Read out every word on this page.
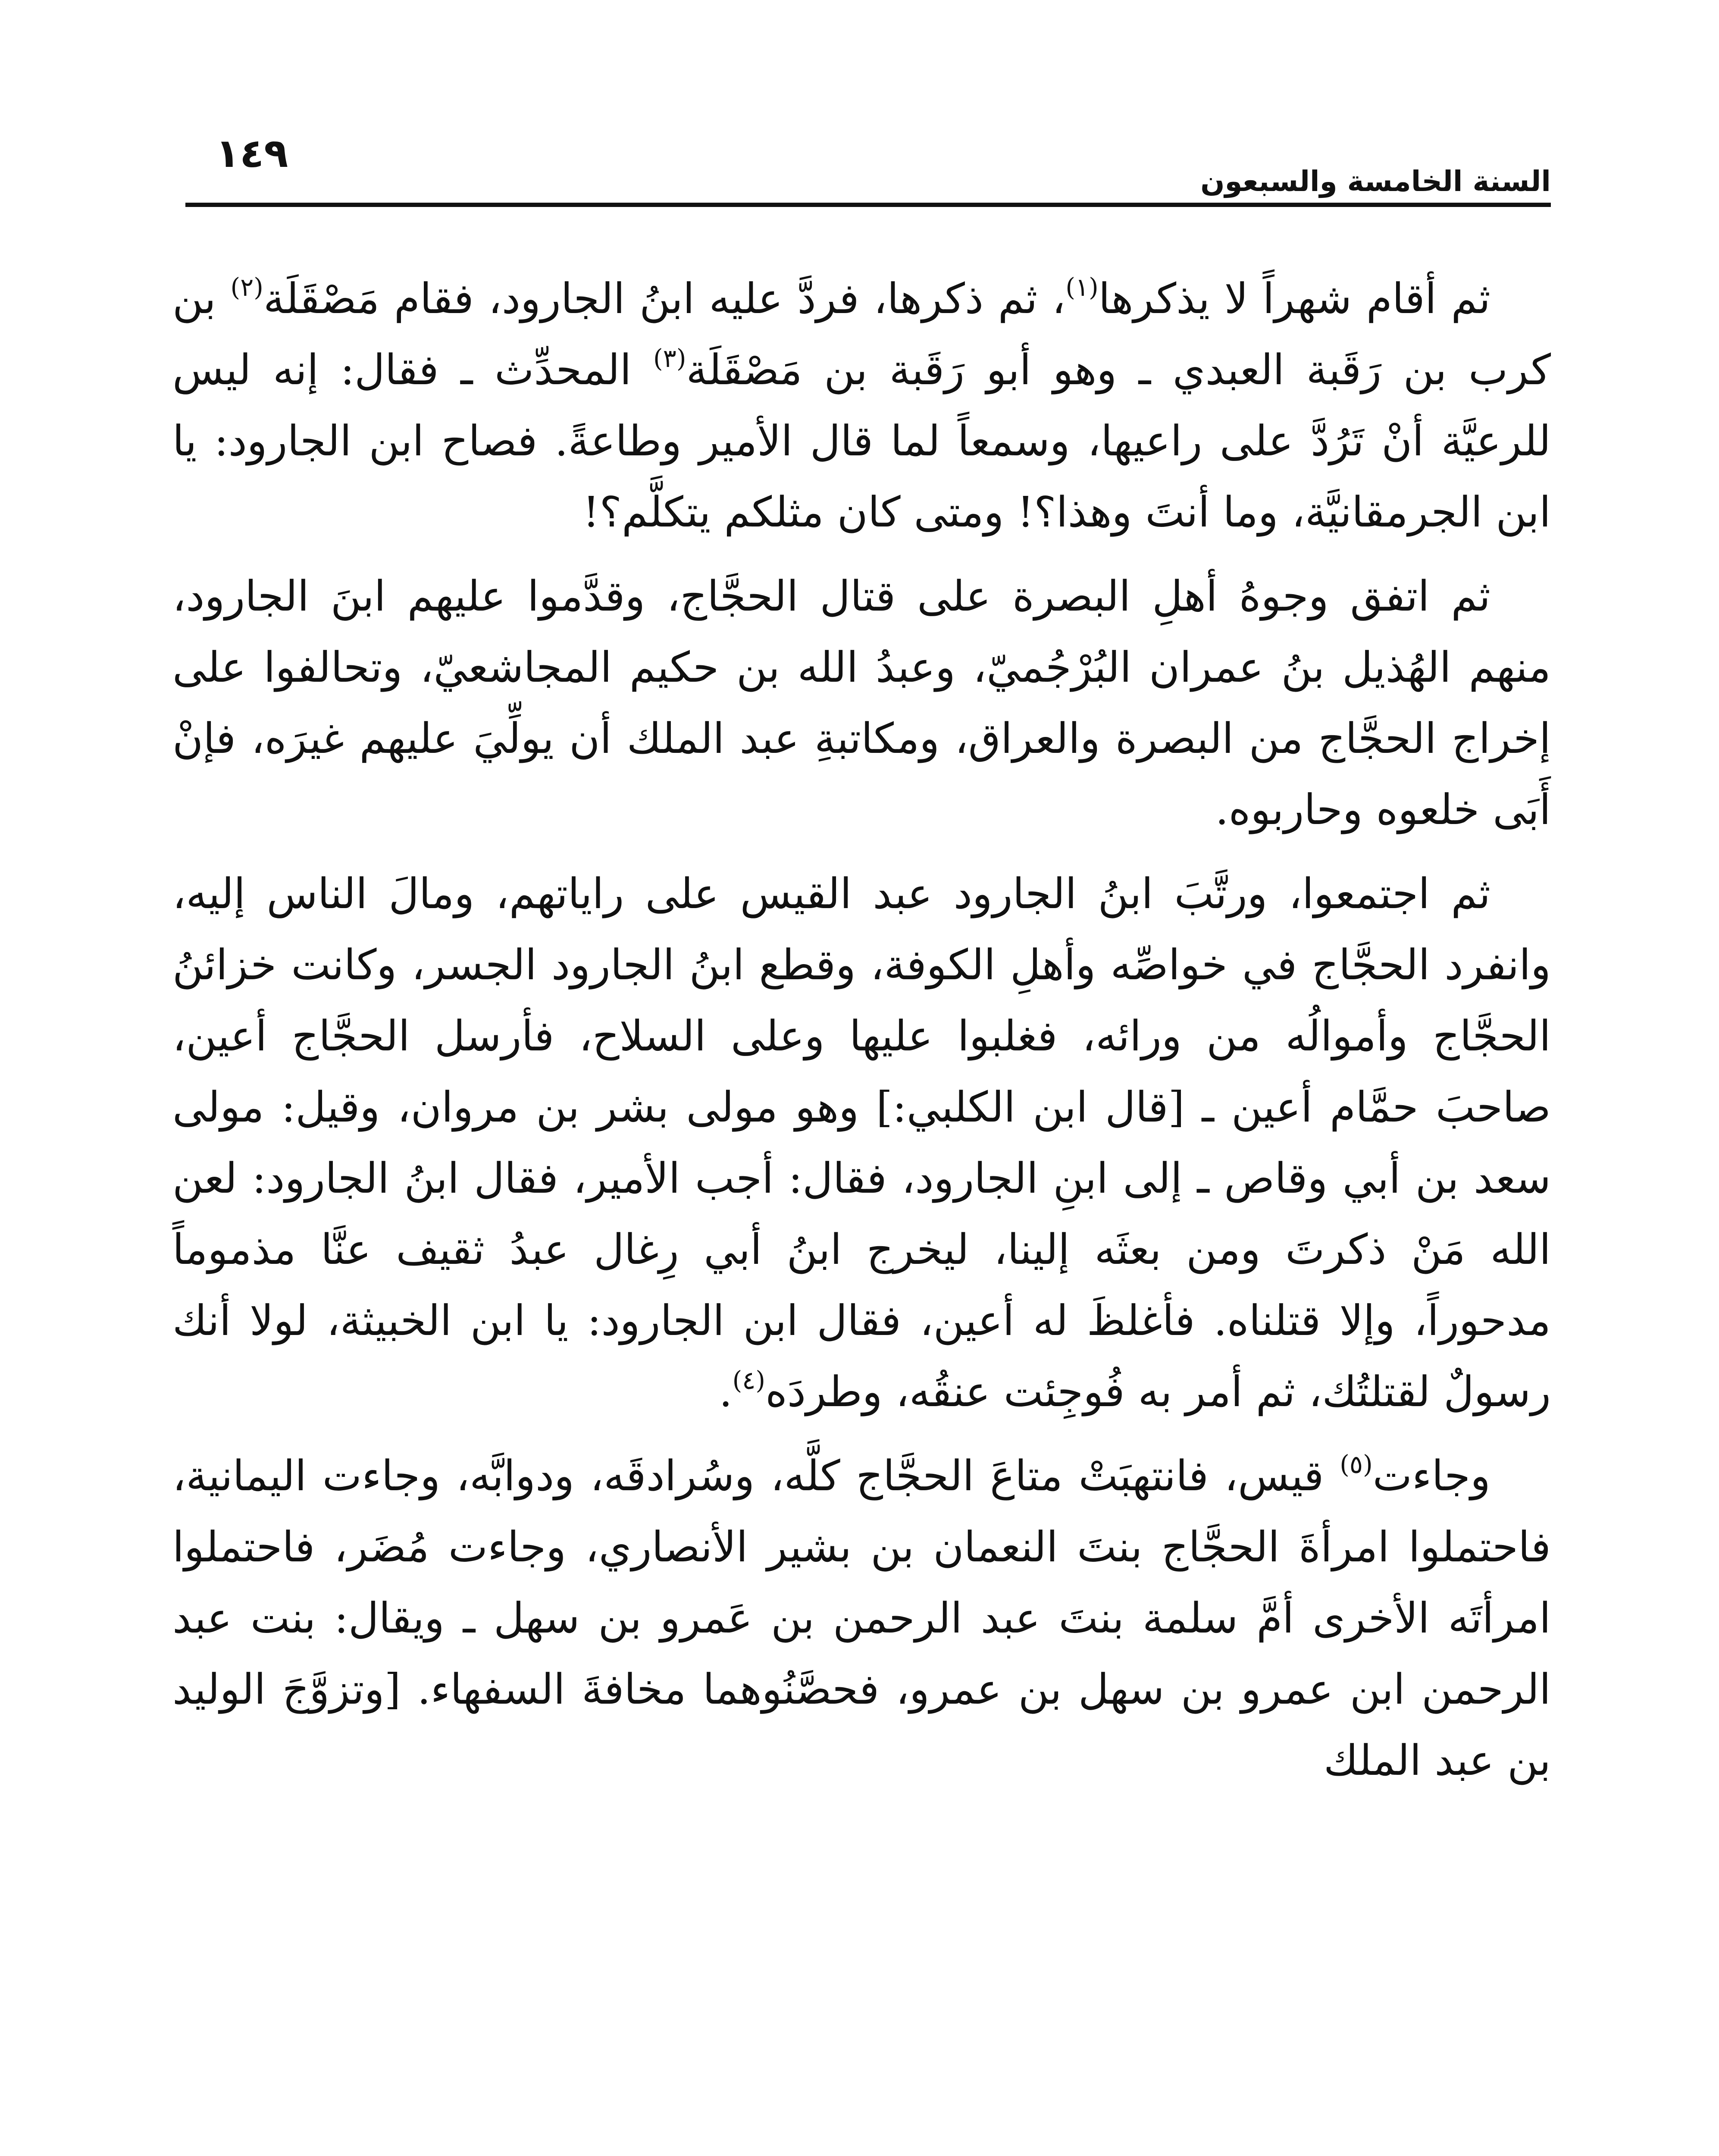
السنة الخامسة والسبعون
١٤٩

ثم أقام شهراً لا يذكرها$^{(١)}$، ثم ذكرها، فردَّ عليه ابنُ الجارود، فقام مَصْقَلَة$^{(٢)}$ بن كرب بن رَقَبة العبدي ـ وهو أبو رَقَبة بن مَصْقَلَة$^{(٣)}$ المحدِّث ـ فقال: إنه ليس للرعيَّة أنْ تَرُدَّ على راعيها، وسمعاً لما قال الأمير وطاعةً. فصاح ابن الجارود: يا ابن الجرمقانيَّة، وما أنتَ وهذا؟! ومتى كان مثلكم يتكلَّم؟!

ثم اتفق وجوهُ أهلِ البصرة على قتال الحجَّاج، وقدَّموا عليهم ابنَ الجارود، منهم الهُذيل بنُ عمران البُرْجُميّ، وعبدُ الله بن حكيم المجاشعيّ، وتحالفوا على إخراج الحجَّاج من البصرة والعراق، ومكاتبةِ عبد الملك أن يولِّيَ عليهم غيرَه، فإنْ أَبَى خلعوه وحاربوه.

ثم اجتمعوا، ورتَّبَ ابنُ الجارود عبد القيس على راياتهم، ومالَ الناس إليه، وانفرد الحجَّاج في خواصِّه وأهلِ الكوفة، وقطع ابنُ الجارود الجسر، وكانت خزائنُ الحجَّاج وأموالُه من ورائه، فغلبوا عليها وعلى السلاح، فأرسل الحجَّاج أعين، صاحبَ حمَّام أعين ـ [قال ابن الكلبي:] وهو مولى بشر بن مروان، وقيل: مولى سعد بن أبي وقاص ـ إلى ابنِ الجارود، فقال: أجب الأمير، فقال ابنُ الجارود: لعن الله مَنْ ذكرتَ ومن بعثَه إلينا، ليخرج ابنُ أبي رِغال عبدُ ثقيف عنَّا مذموماً مدحوراً، وإلا قتلناه. فأغلظَ له أعين، فقال ابن الجارود: يا ابن الخبيثة، لولا أنك رسولٌ لقتلتُك، ثم أمر به فُوجِئت عنقُه، وطردَه$^{(٤)}$.

وجاءت$^{(٥)}$ قيس، فانتهبَتْ متاعَ الحجَّاج كلَّه، وسُرادقَه، ودوابَّه، وجاءت اليمانية، فاحتملوا امرأةَ الحجَّاج بنتَ النعمان بن بشير الأنصاري، وجاءت مُضَر، فاحتملوا امرأتَه الأخرى أمَّ سلمة بنتَ عبد الرحمن بن عَمرو بن سهل ـ ويقال: بنت عبد الرحمن ابن عمرو بن سهل بن عمرو، فحصَّنُوهما مخافةَ السفهاء. [وتزوَّجَ الوليد بن عبد الملك
